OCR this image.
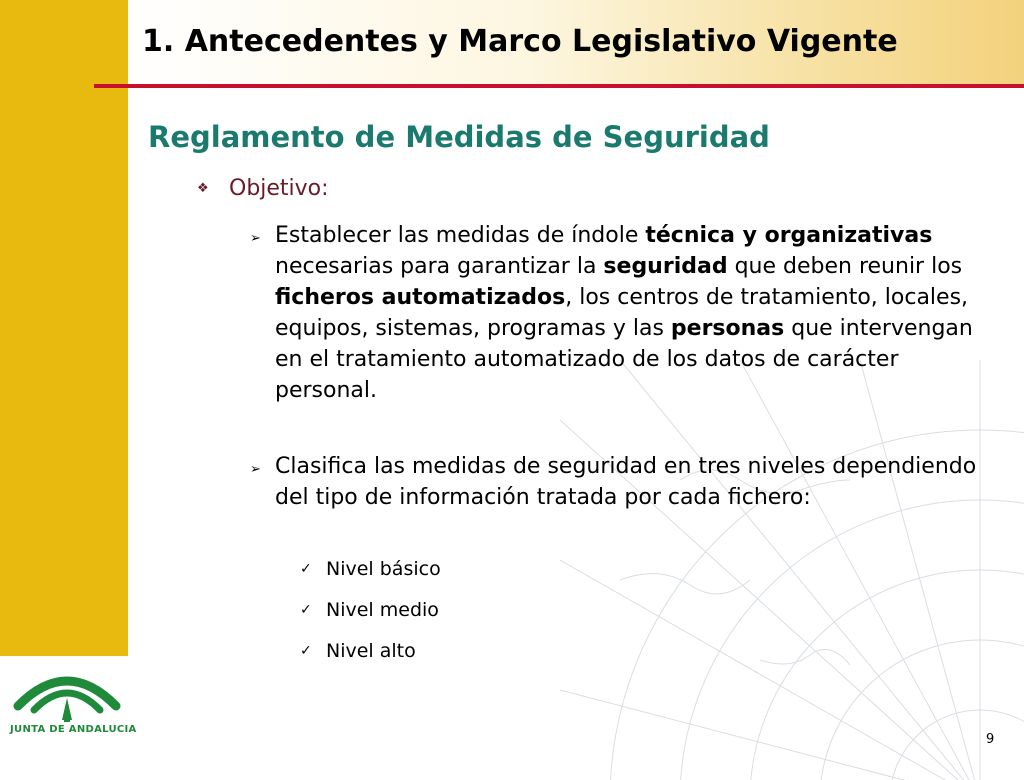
1. Antecedentes y Marco Legislativo Vigente
Reglamento de Medidas de Seguridad
❖ Objetivo:
➢ Establecer las medidas de índole técnica y organizativas necesarias para garantizar la seguridad que deben reunir los ficheros automatizados, los centros de tratamiento, locales, equipos, sistemas, programas y las personas que intervengan en el tratamiento automatizado de los datos de carácter personal.

➢ Clasifica las medidas de seguridad en tres niveles dependiendo del tipo de información tratada por cada fichero:

✓ Nivel básico
✓ Nivel medio
✓ Nivel alto
JUNTA DE ANDALUCIA
9
